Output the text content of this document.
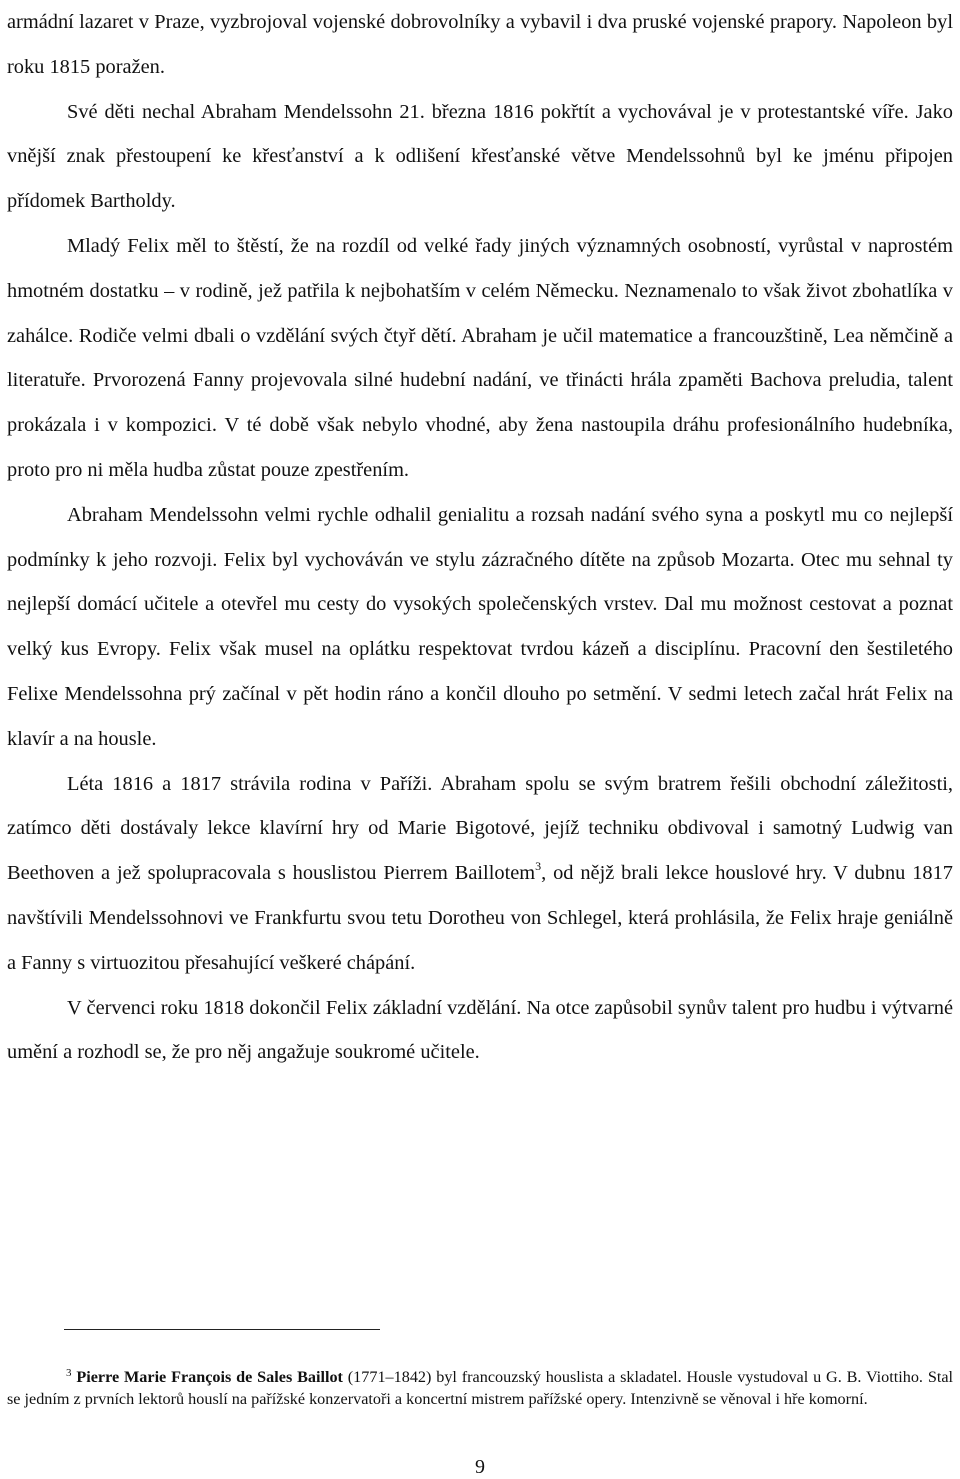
armádní lazaret v Praze, vyzbrojoval vojenské dobrovolníky a vybavil i dva pruské vojenské prapory. Napoleon byl roku 1815 poražen.

Své děti nechal Abraham Mendelssohn 21. března 1816 pokřtít a vychovával je v protestantské víře. Jako vnější znak přestoupení ke křesťanství a k odlišení křesťanské větve Mendelssohnů byl ke jménu připojen přídomek Bartholdy.

Mladý Felix měl to štěstí, že na rozdíl od velké řady jiných významných osobností, vyrůstal v naprostém hmotném dostatku – v rodině, jež patřila k nejbohatším v celém Německu. Neznamenalo to však život zbohatlíka v zahálce. Rodiče velmi dbali o vzdělání svých čtyř dětí. Abraham je učil matematice a francouzštině, Lea němčině a literatuře. Prvorozená Fanny projevovala silné hudební nadání, ve třinácti hrála zpaměti Bachova preludia, talent prokázala i v kompozici. V té době však nebylo vhodné, aby žena nastoupila dráhu profesionálního hudebníka, proto pro ni měla hudba zůstat pouze zpestřením.

Abraham Mendelssohn velmi rychle odhalil genialitu a rozsah nadání svého syna a poskytl mu co nejlepší podmínky k jeho rozvoji. Felix byl vychováván ve stylu zázračného dítěte na způsob Mozarta. Otec mu sehnal ty nejlepší domácí učitele a otevřel mu cesty do vysokých společenských vrstev. Dal mu možnost cestovat a poznat velký kus Evropy. Felix však musel na oplátku respektovat tvrdou kázeň a disciplínu. Pracovní den šestiletého Felixe Mendelssohna prý začínal v pět hodin ráno a končil dlouho po setmění. V sedmi letech začal hrát Felix na klavír a na housle.

Léta 1816 a 1817 strávila rodina v Paříži. Abraham spolu se svým bratrem řešili obchodní záležitosti, zatímco děti dostávaly lekce klavírní hry od Marie Bigotové, jejíž techniku obdivoval i samotný Ludwig van Beethoven a jež spolupracovala s houslistou Pierrem Baillotem$^3$, od nějž brali lekce houslové hry. V dubnu 1817 navštívili Mendelssohnovi ve Frankfurtu svou tetu Dorotheu von Schlegel, která prohlásila, že Felix hraje geniálně a Fanny s virtuozitou přesahující veškeré chápání.

V červenci roku 1818 dokončil Felix základní vzdělání. Na otce zapůsobil synův talent pro hudbu i výtvarné umění a rozhodl se, že pro něj angažuje soukromé učitele.

$^3$ Pierre Marie François de Sales Baillot (1771–1842) byl francouzský houslista a skladatel. Housle vystudoval u G. B. Viottiho. Stal se jedním z prvních lektorů houslí na pařížské konzervatoři a koncertní mistrem pařížské opery. Intenzivně se věnoval i hře komorní.

9
